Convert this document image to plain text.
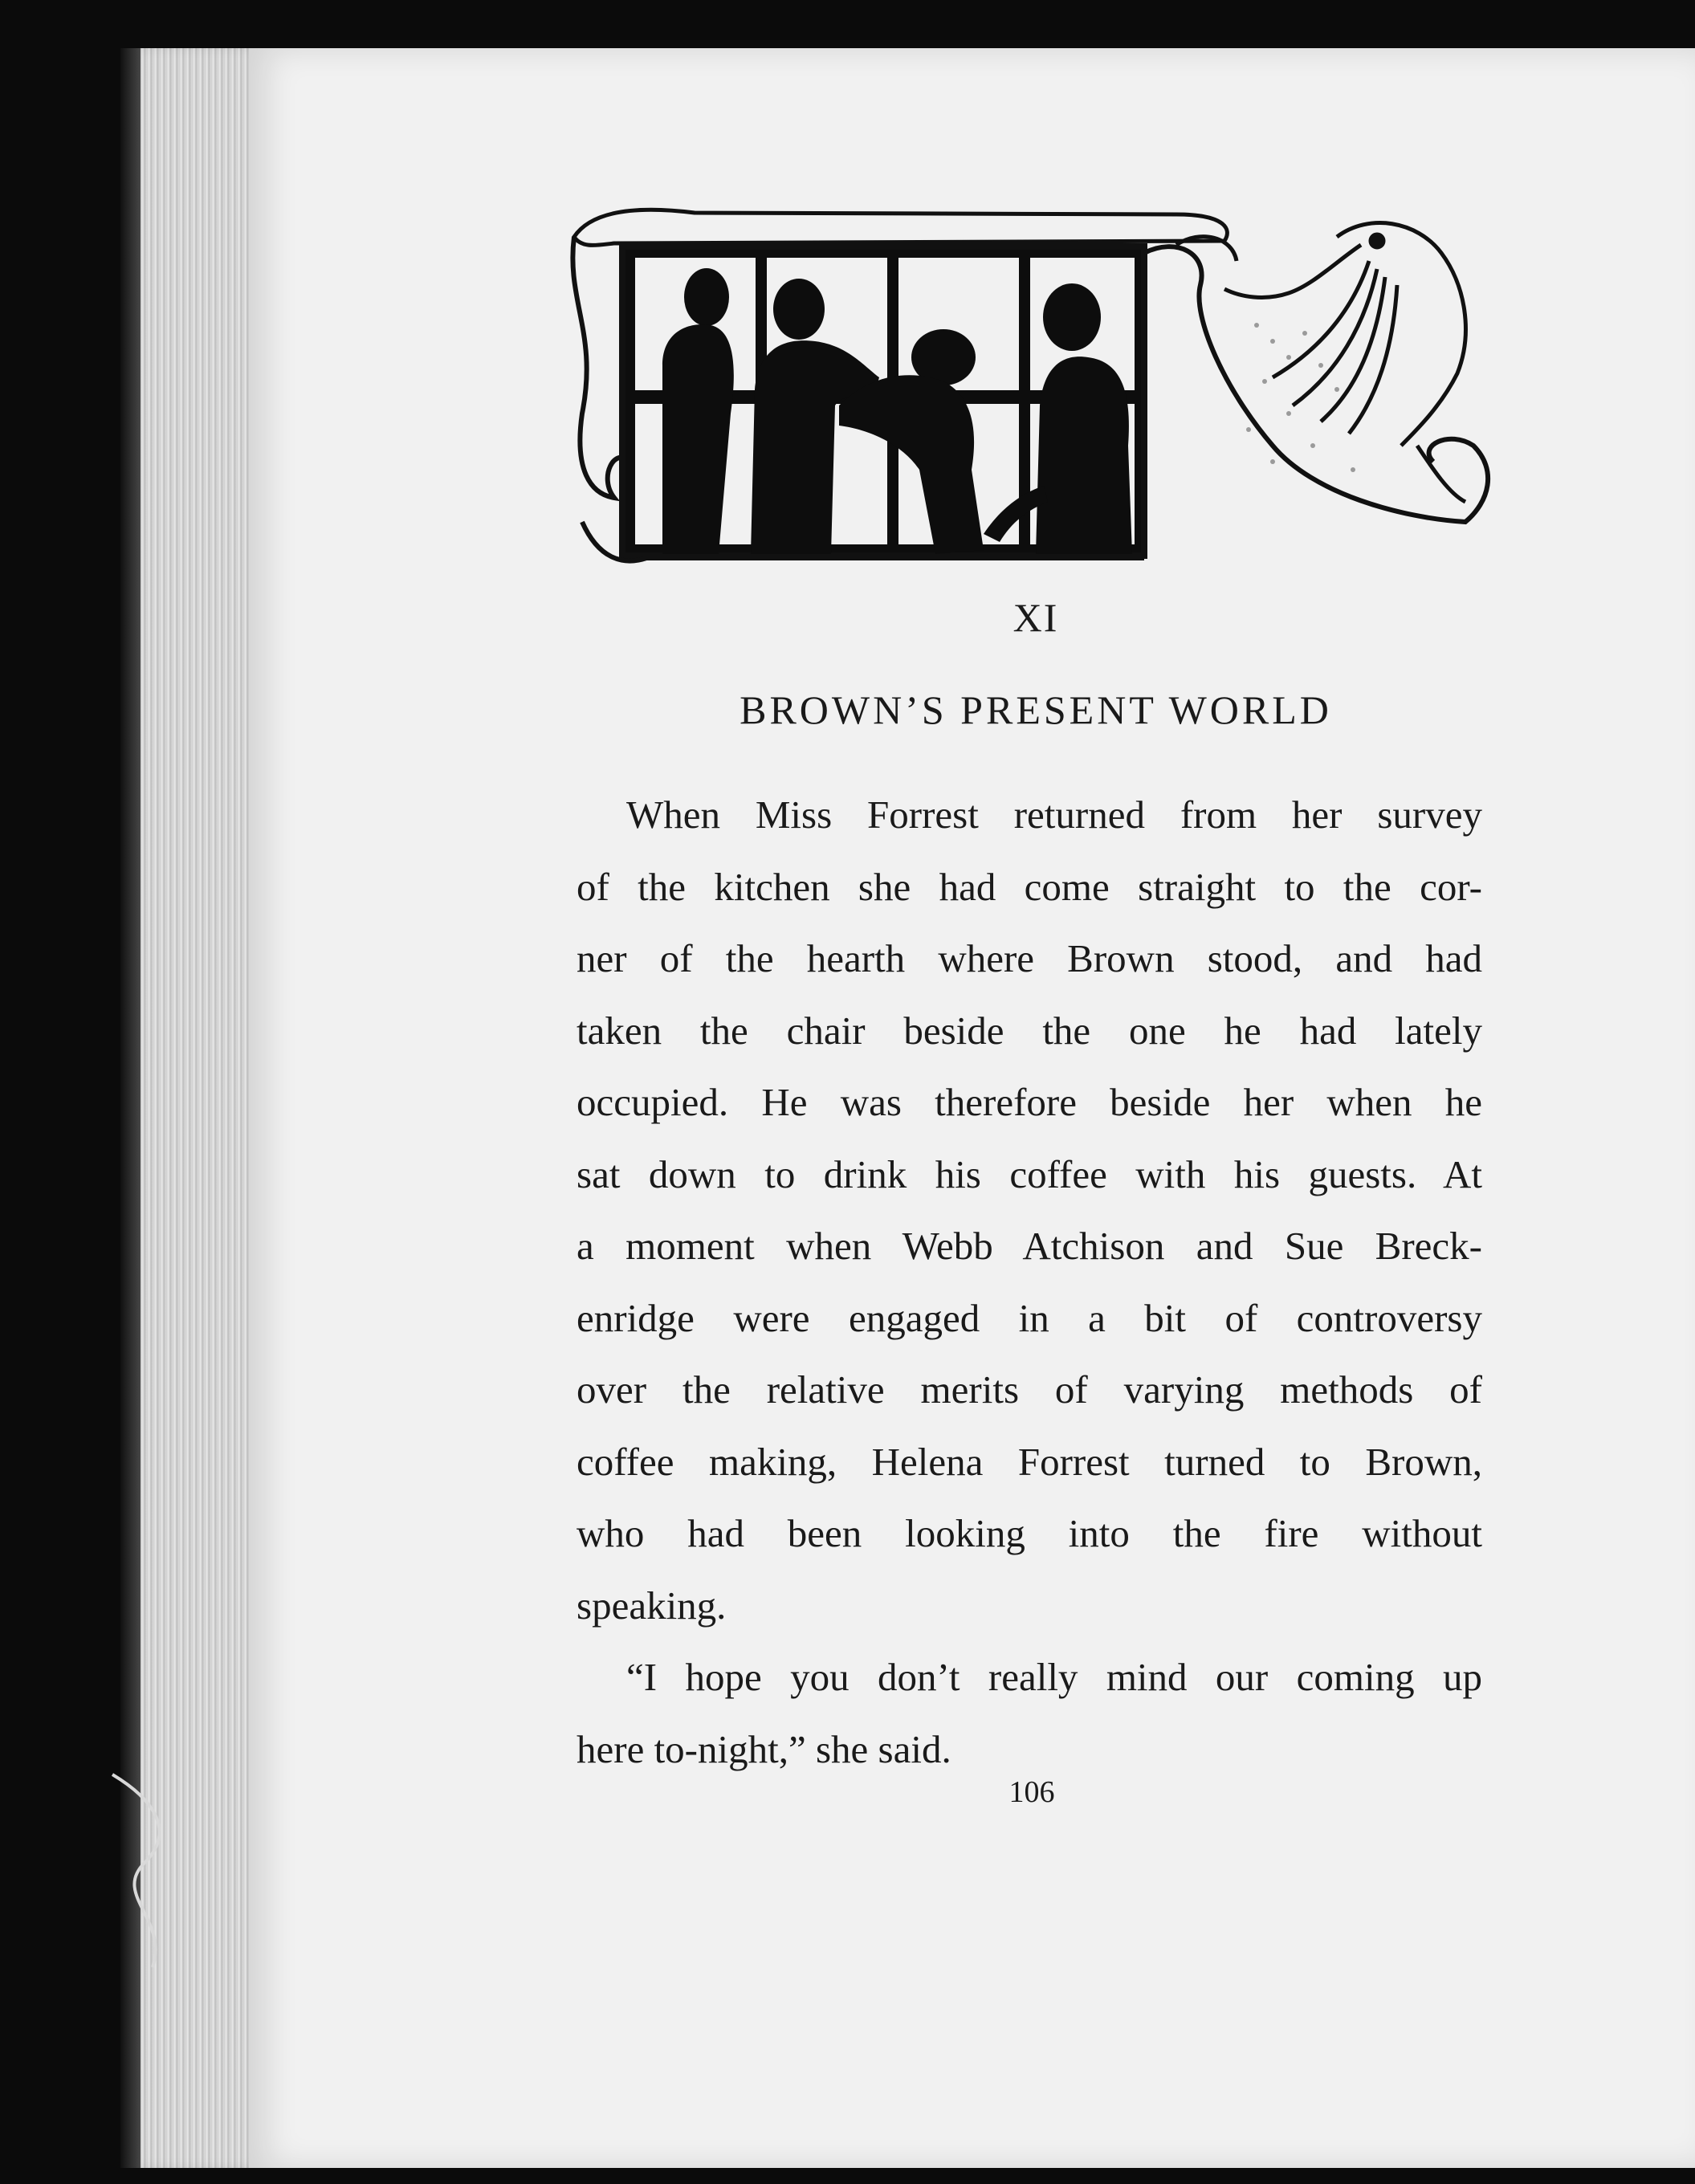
XI
BROWN’S PRESENT WORLD
When Miss Forrest returned from her survey
of the kitchen she had come straight to the cor-
ner of the hearth where Brown stood, and had
taken the chair beside the one he had lately
occupied. He was therefore beside her when he
sat down to drink his coffee with his guests. At
a moment when Webb Atchison and Sue Breck-
enridge were engaged in a bit of controversy
over the relative merits of varying methods of
coffee making, Helena Forrest turned to Brown,
who had been looking into the fire without
speaking.
“I hope you don’t really mind our coming up
here to-night,” she said.
106
